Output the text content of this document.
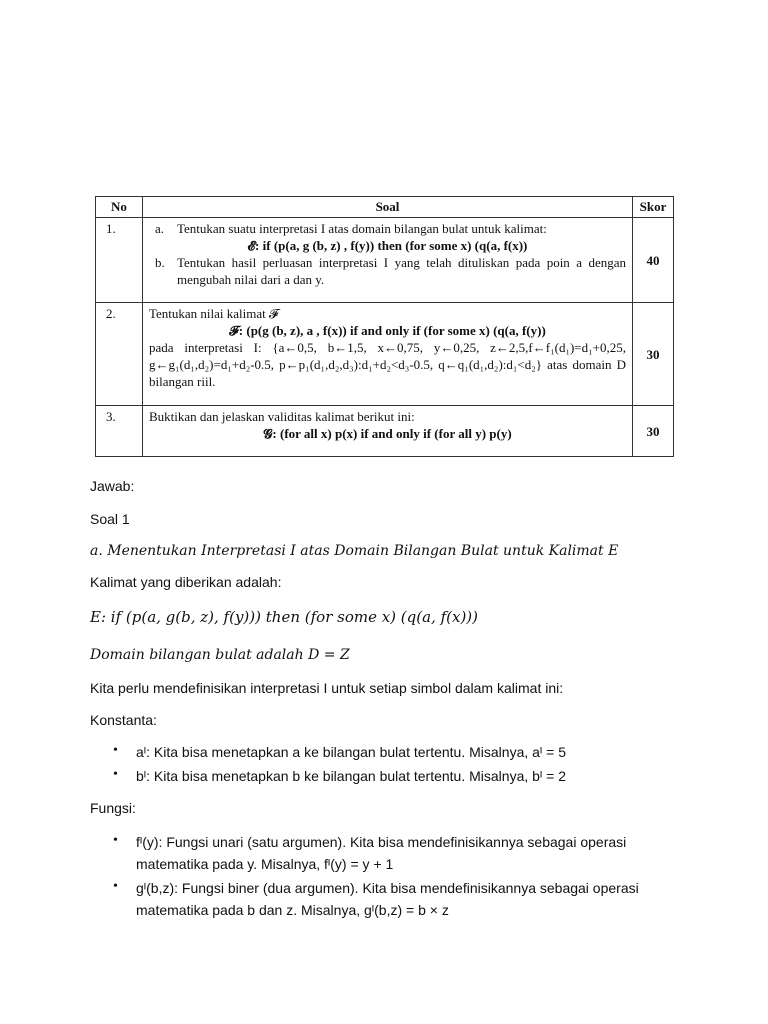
No	Soal	Skor
1.	a. Tentukan suatu interpretasi I atas domain bilangan bulat untuk kalimat:
𝓔: if (p(a, g (b, z) , f(y)) then (for some x) (q(a, f(x))
b. Tentukan hasil perluasan interpretasi I yang telah dituliskan pada poin a dengan mengubah nilai dari a dan y.	40
2.	Tentukan nilai kalimat 𝓕
𝓕: (p(g (b, z), a , f(x)) if and only if (for some x) (q(a, f(y))
pada interpretasi I: {a←0,5, b←1,5, x←0,75, y←0,25, z←2,5,f←f₁(d₁)=d₁+0,25, g←g₁(d₁,d₂)=d₁+d₂-0.5, p←p₁(d₁,d₂,d₃):d₁+d₂<d₃-0.5, q←q₁(d₁,d₂):d₁<d₂} atas domain D bilangan riil.	30
3.	Buktikan dan jelaskan validitas kalimat berikut ini:
𝓖: (for all x) p(x) if and only if (for all y) p(y)	30
Jawab:
Soal 1
a. Menentukan Interpretasi I atas Domain Bilangan Bulat untuk Kalimat E
Kalimat yang diberikan adalah:
E: if (p(a, g(b, z), f(y))) then (for some x) (q(a, f(x)))
Domain bilangan bulat adalah D = Z
Kita perlu mendefinisikan interpretasi I untuk setiap simbol dalam kalimat ini:
Konstanta:
• aᴵ: Kita bisa menetapkan a ke bilangan bulat tertentu. Misalnya, aᴵ = 5
• bᴵ: Kita bisa menetapkan b ke bilangan bulat tertentu. Misalnya, bᴵ = 2
Fungsi:
• fᴵ(y): Fungsi unari (satu argumen). Kita bisa mendefinisikannya sebagai operasi matematika pada y. Misalnya, fᴵ(y) = y + 1
• gᴵ(b,z): Fungsi biner (dua argumen). Kita bisa mendefinisikannya sebagai operasi matematika pada b dan z. Misalnya, gᴵ(b,z) = b × z
